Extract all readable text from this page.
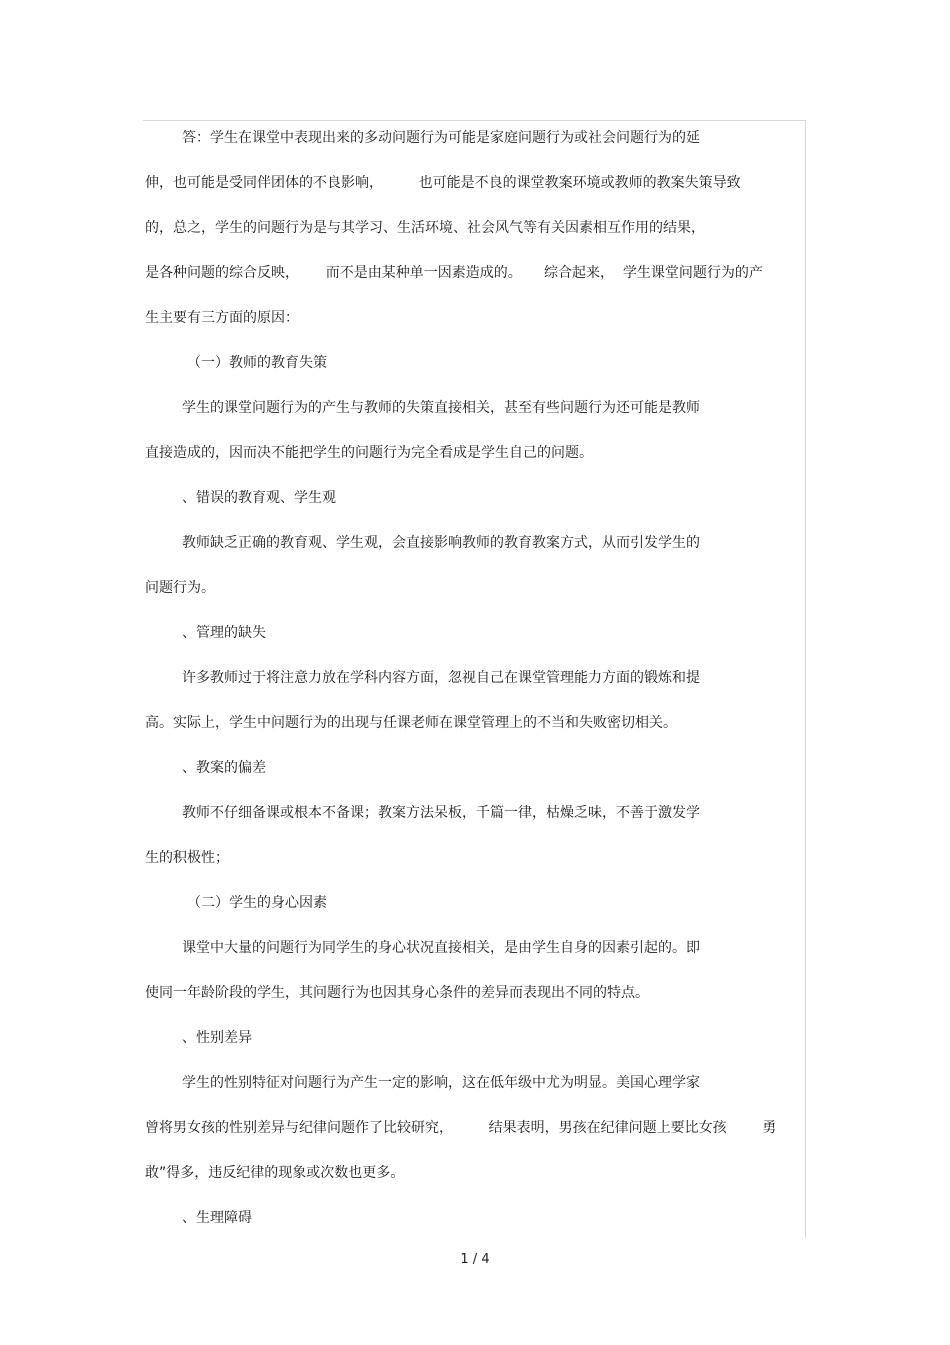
答：学生在课堂中表现出来的多动问题行为可能是家庭问题行为或社会问题行为的延
伸，也可能是受同伴团体的不良影响，        也可能是不良的课堂教案环境或教师的教案失策导致
的，总之，学生的问题行为是与其学习、生活环境、社会风气等有关因素相互作用的结果，
是各种问题的综合反映，      而不是由某种单一因素造成的。     综合起来，  学生课堂问题行为的产
生主要有三方面的原因：
（一）教师的教育失策
学生的课堂问题行为的产生与教师的失策直接相关，甚至有些问题行为还可能是教师
直接造成的，因而决不能把学生的问题行为完全看成是学生自己的问题。
、错误的教育观、学生观
教师缺乏正确的教育观、学生观，会直接影响教师的教育教案方式，从而引发学生的
问题行为。
、管理的缺失
许多教师过于将注意力放在学科内容方面，忽视自己在课堂管理能力方面的锻炼和提
高。实际上，学生中问题行为的出现与任课老师在课堂管理上的不当和失败密切相关。
、教案的偏差
教师不仔细备课或根本不备课；教案方法呆板，千篇一律，枯燥乏味，不善于激发学
生的积极性；
（二）学生的身心因素
课堂中大量的问题行为同学生的身心状况直接相关，是由学生自身的因素引起的。即
使同一年龄阶段的学生，其问题行为也因其身心条件的差异而表现出不同的特点。
、性别差异
学生的性别特征对问题行为产生一定的影响，这在低年级中尤为明显。美国心理学家
曾将男女孩的性别差异与纪律问题作了比较研究，        结果表明，男孩在纪律问题上要比女孩        勇
敢”得多，违反纪律的现象或次数也更多。
、生理障碍
1 / 4
